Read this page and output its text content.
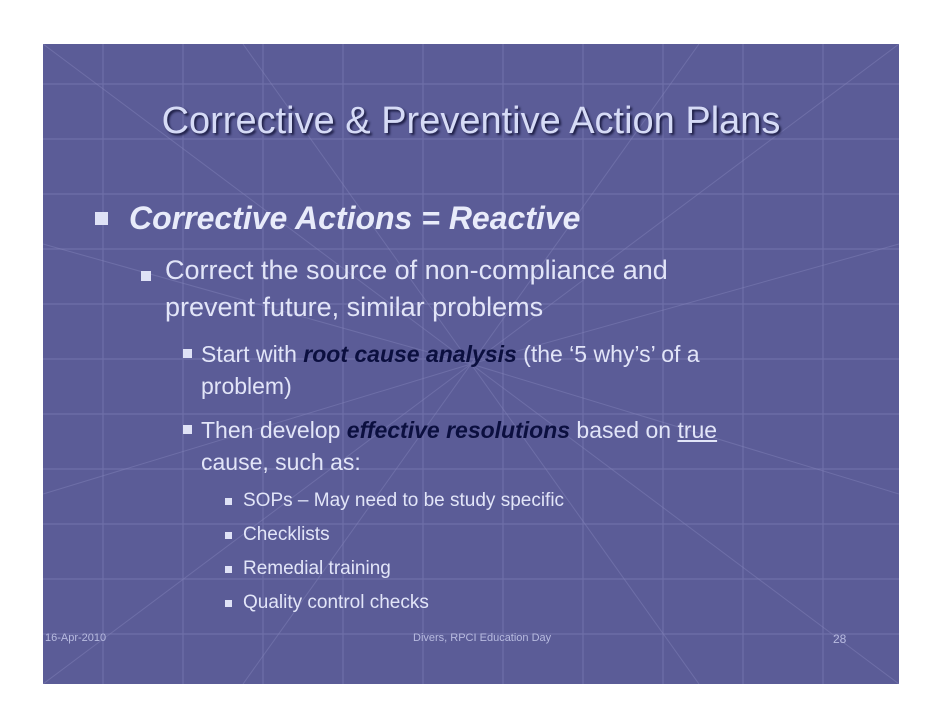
Corrective & Preventive Action Plans
Corrective Actions = Reactive
Correct the source of non-compliance and
prevent future, similar problems
Start with root cause analysis (the ‘5 why’s’ of a
problem)
Then develop effective resolutions based on true
cause, such as:
SOPs – May need to be study specific
Checklists
Remedial training
Quality control checks
16-Apr-2010	Divers, RPCI Education Day	28
